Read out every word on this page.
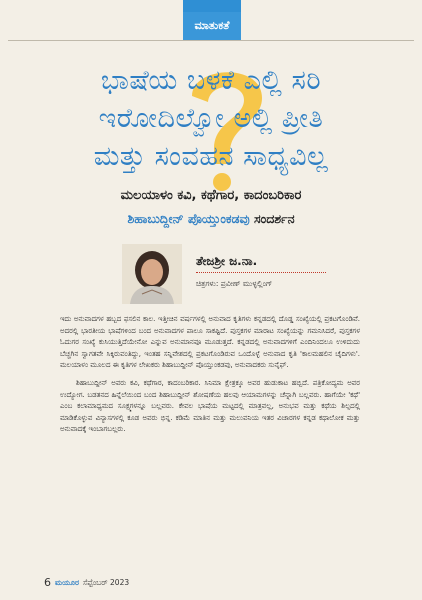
ಮಾತುಕತೆ
ಭಾಷೆಯ ಬಳಕೆ ಎಲ್ಲಿ ಸರಿ
ಇರೋದಿಲ್ವೋ ಅಲ್ಲಿ ಪ್ರೀತಿ
ಮತ್ತು ಸಂವಹನ ಸಾಧ್ಯವಿಲ್ಲ
ಮಲಯಾಳಂ ಕವಿ, ಕಥೆಗಾರ, ಕಾದಂಬರಿಕಾರ
ಶಿಹಾಬುದ್ದೀನ್ ಪೊಯ್ತುಂಕಡವು ಸಂದರ್ಶನ
ತೇಜಶ್ರೀ ಜ.ನಾ.
ಚಿತ್ರಗಳು: ಪ್ರವೀಣ್ ಮುಳ್ಳಲ್ಲಿಂಗ್

ಇದು ಅನುವಾದಗಳ ಹಬ್ಬದ ಫಸಲಿನ ಕಾಲ. ಇತ್ತೀಚಿನ ವರ್ಷಗಳಲ್ಲಿ ಅನುವಾದ ಕೃತಿಗಳು ಕನ್ನಡದಲ್ಲಿ ದೊಡ್ಡ ಸಂಖ್ಯೆಯಲ್ಲಿ ಪ್ರಕಟಗೊಂಡಿವೆ. ಅದರಲ್ಲಿ ಭಾರತೀಯ ಭಾಷೆಗಳಿಂದ ಬಂದ ಅನುವಾದಗಳ ಪಾಲೂ ಸಾಕಷ್ಟಿದೆ. ಪುಸ್ತಕಗಳ ಮಾರಾಟ ಸಂಖ್ಯೆಯನ್ನು ಗಮನಿಸಿದರೆ, ಪುಸ್ತಕಗಳ ಓದುಗರ ಸಂಖ್ಯೆ ಕುಸಿಯುತ್ತಿದೆಯೇನೋ ಎನ್ನುವ ಅನುಮಾನವೂ ಮೂಡುತ್ತದೆ. ಕನ್ನಡದಲ್ಲಿ ಅನುವಾದಗಳಿಗೆ ಎಂದಿನಿಂದಲೂ ಉಳಿದುದು ಬೆಚ್ಚಗಿನ ಸ್ವಾಗತವೇ ಸಿಕ್ಕಿರುವಂತಿದ್ದು, ಇಂತಹ ಸನ್ನಿವೇಶದಲ್ಲಿ ಪ್ರಕಟಗೊಂಡಿರುವ ಒಂದೊಳ್ಳೆ ಅನುವಾದ ಕೃತಿ 'ಕಾಲಮಹಲಿನ ಚೈದಿಗಳು'. ಮಲಯಾಳಂ ಮೂಲದ ಈ ಕೃತಿಗಳ ಲೇಖಕರು ಶಿಹಾಬುದ್ದೀನ್ ಪೊಯ್ತುಂಕಡವು, ಅನುವಾದಕರು ಸುನೈಫ್.

ಶಿಹಾಬುದ್ದೀನ್ ಅವರು ಕವಿ, ಕಥೆಗಾರ, ಕಾದಂಬರಿಕಾರ. ಸಿನಿಮಾ ಕ್ಷೇತ್ರಕ್ಕೂ ಅವರ ಹುಡುಕಾಟ ಹಬ್ಬಿದೆ. ಪತ್ರಿಕೋದ್ಯಮ ಅವರ ಉದ್ಯೋಗ. ಬಡತನದ ಹಿನ್ನೆಲೆಯಿಂದ ಬಂದ ಶಿಹಾಬುದ್ದೀನ್ ಶೋಷಣೆಯ ಹಲವು ಆಯಾಮಗಳನ್ನು ಚೆನ್ನಾಗಿ ಬಲ್ಲವರು. ಹಾಗೆಯೇ 'ಕಥೆ' ಎಂಬ ಕಲಾಮಾಧ್ಯಮದ ಸೂಕ್ಷ್ಮಗಳನ್ನೂ ಬಲ್ಲವರು. ಕೇವಲ ಭಾಷೆಯ ಮಟ್ಟದಲ್ಲಿ ಮಾತ್ರವಲ್ಲ, ಅನುಭವ ಮತ್ತು ಕಥೆಯ ಶಿಲ್ಪದಲ್ಲಿ ಮಾಡಿಕೊಳ್ಳುವ ವಿನ್ಯಾಸಗಳಲ್ಲಿ ಕೂಡ ಅವರು ಭಿನ್ನ. ಕಡಿಮೆ ಮಾತಿನ ಮತ್ತು ಮಲುವನಿಯ ಇತರ ವಿಚಾರಗಳ ಕನ್ನಡ ಕಥಾಲೋಕ ಮತ್ತು ಅನುವಾದಕ್ಕೆ ಇಂಬಾಗಬಲ್ಲರು.

6 ಮಯೂರ ಸೆಪ್ಟೆಂಬರ್ 2023
